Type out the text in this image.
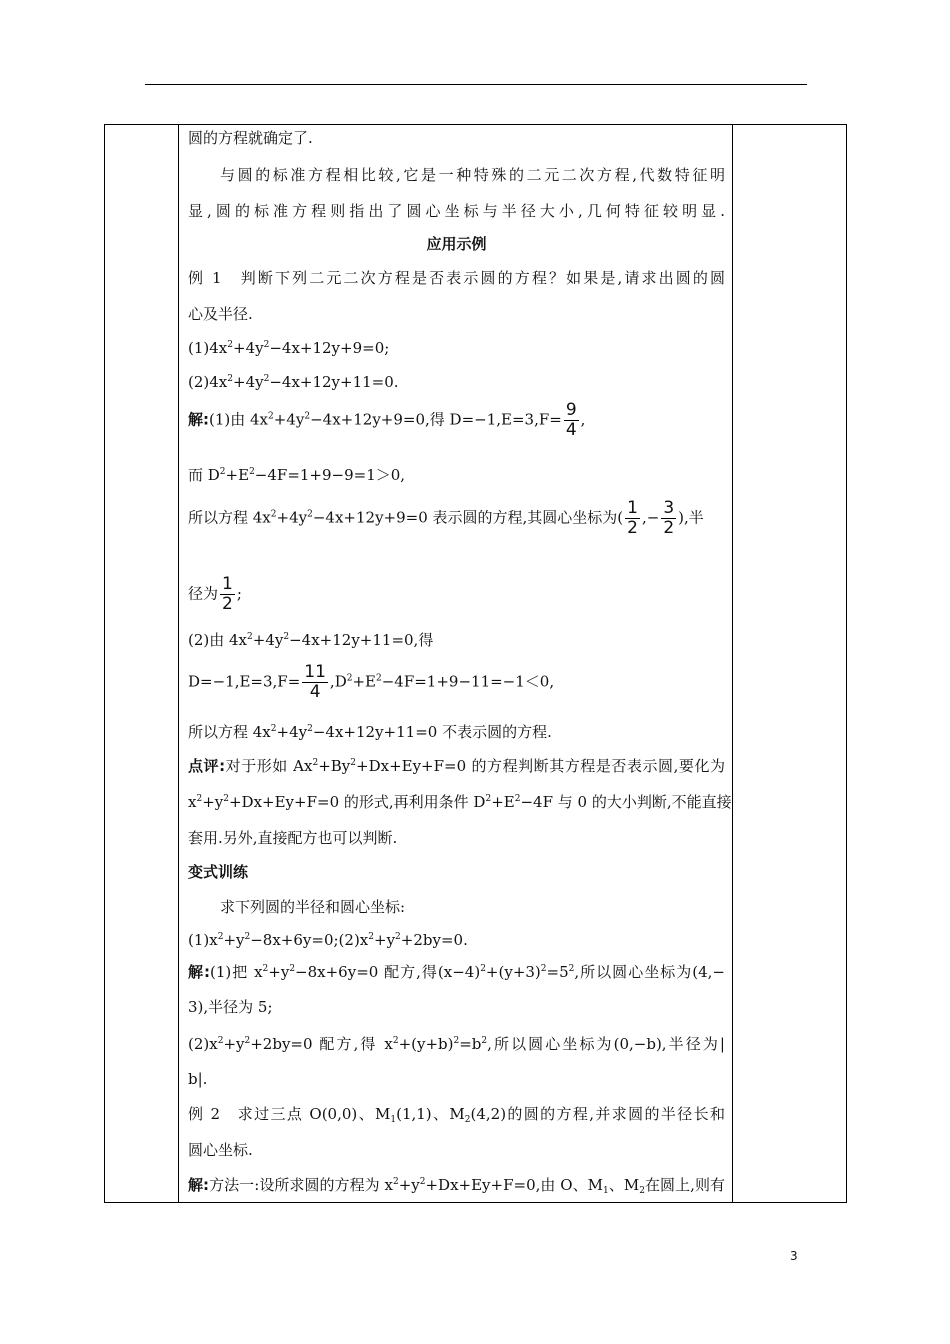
圆的方程就确定了.
与圆的标准方程相比较,它是一种特殊的二元二次方程,代数特征明
显,圆的标准方程则指出了圆心坐标与半径大小,几何特征较明显.
应用示例
例 1　判断下列二元二次方程是否表示圆的方程？如果是,请求出圆的圆
心及半径.
$(1)4x^2+4y^2-4x+12y+9=0$;
$(2)4x^2+4y^2-4x+12y+11=0$.
解:(1)由 $4x^2+4y^2-4x+12y+9=0$,得 $D=-1,E=3,F= \frac{9}{4}$ ,
而 $D^2+E^2-4F=1+9-9=1>0$,
所以方程 $4x^2+4y^2-4x+12y+9=0$ 表示圆的方程,其圆心坐标为( $\frac{1}{2}$ ,− $\frac{3}{2}$ ),半
径为 $\frac{1}{2}$ ;
(2)由 $4x^2+4y^2-4x+12y+11=0$,得
$D=-1,E=3,F= \frac{11}{4} ,D^2+E^2-4F=1+9-11=-1<0$,
所以方程 $4x^2+4y^2-4x+12y+11=0$ 不表示圆的方程.
点评:对于形如 $Ax^2+By^2+Dx+Ey+F=0$ 的方程判断其方程是否表示圆,要化为
$x^2+y^2+Dx+Ey+F=0$ 的形式,再利用条件 $D^2+E^2-4F$ 与 0 的大小判断,不能直接
套用.另外,直接配方也可以判断.
变式训练
求下列圆的半径和圆心坐标:
$(1)x^2+y^2-8x+6y=0;(2)x^2+y^2+2by=0$.
解:(1)把 $x^2+y^2-8x+6y=0$ 配方,得$(x-4)^2+(y+3)^2=5^2$,所以圆心坐标为(4,−
3),半径为 5;
$(2)x^2+y^2+2by=0$ 配方,得 $x^2+(y+b)^2=b^2$,所以圆心坐标为(0,−b),半径为|
b|.
例 2　求过三点 O(0,0)、$M_1(1,1)$、$M_2(4,2)$的圆的方程,并求圆的半径长和
圆心坐标.
解:方法一:设所求圆的方程为 $x^2+y^2+Dx+Ey+F=0$,由 O、$M_1$、$M_2$在圆上,则有
3
